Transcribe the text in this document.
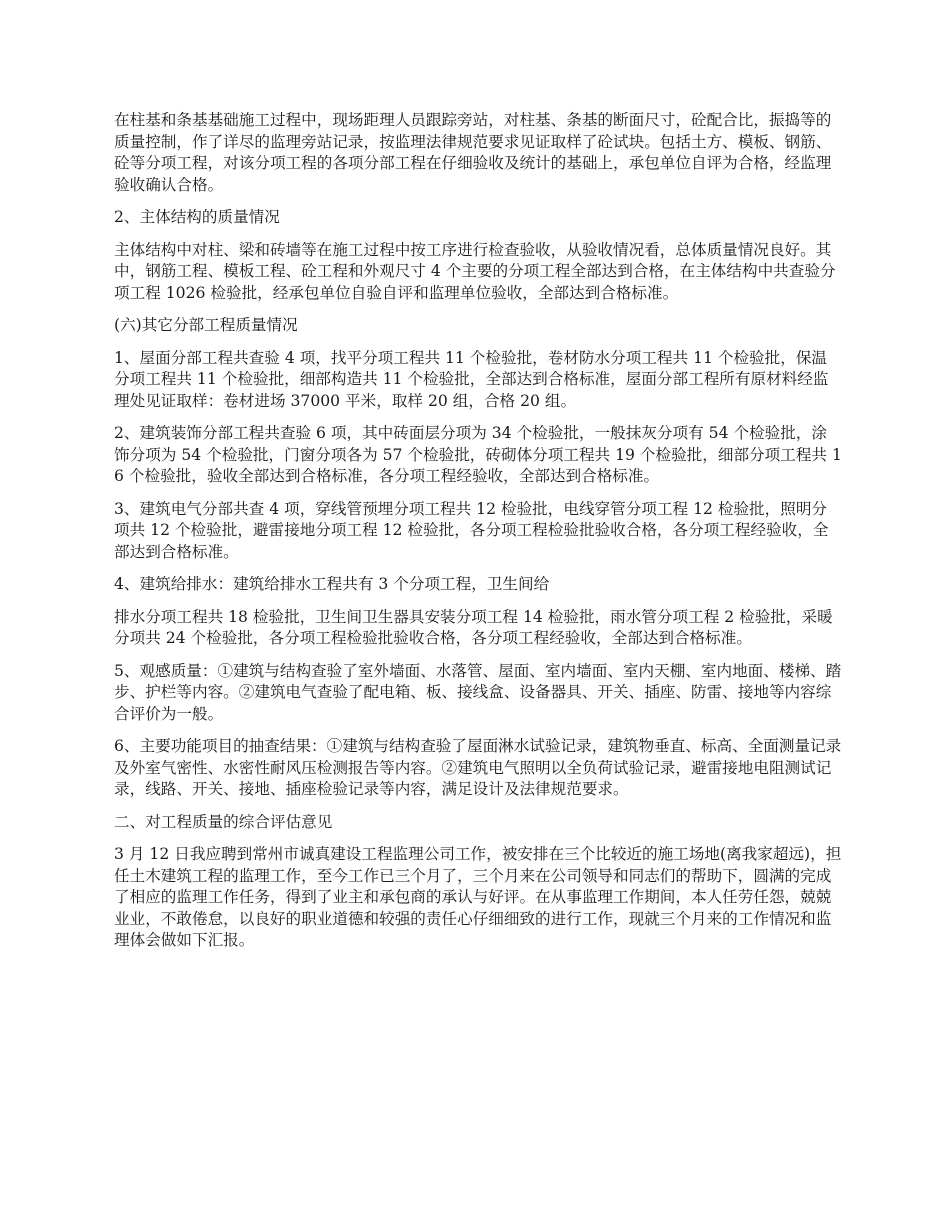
在柱基和条基基础施工过程中，现场距理人员跟踪旁站，对柱基、条基的断面尺寸，砼配合比，振捣等的质量控制，作了详尽的监理旁站记录，按监理法律规范要求见证取样了砼试块。包括土方、模板、钢筋、砼等分项工程，对该分项工程的各项分部工程在仔细验收及统计的基础上，承包单位自评为合格，经监理验收确认合格。

2、主体结构的质量情况

主体结构中对柱、梁和砖墙等在施工过程中按工序进行检查验收，从验收情况看，总体质量情况良好。其中，钢筋工程、模板工程、砼工程和外观尺寸 4 个主要的分项工程全部达到合格，在主体结构中共查验分项工程 1026 检验批，经承包单位自验自评和监理单位验收，全部达到合格标准。

(六)其它分部工程质量情况

1、屋面分部工程共查验 4 项，找平分项工程共 11 个检验批，卷材防水分项工程共 11 个检验批，保温分项工程共 11 个检验批，细部构造共 11 个检验批，全部达到合格标准，屋面分部工程所有原材料经监理处见证取样：卷材进场 37000 平米，取样 20 组，合格 20 组。

2、建筑装饰分部工程共查验 6 项，其中砖面层分项为 34 个检验批，一般抹灰分项有 54 个检验批，涂饰分项为 54 个检验批，门窗分项各为 57 个检验批，砖砌体分项工程共 19 个检验批，细部分项工程共 16 个检验批，验收全部达到合格标准，各分项工程经验收，全部达到合格标准。

3、建筑电气分部共查 4 项，穿线管预埋分项工程共 12 检验批，电线穿管分项工程 12 检验批，照明分项共 12 个检验批，避雷接地分项工程 12 检验批，各分项工程检验批验收合格，各分项工程经验收，全部达到合格标准。

4、建筑给排水：建筑给排水工程共有 3 个分项工程，卫生间给

排水分项工程共 18 检验批，卫生间卫生器具安装分项工程 14 检验批，雨水管分项工程 2 检验批，采暖分项共 24 个检验批，各分项工程检验批验收合格，各分项工程经验收，全部达到合格标准。

5、观感质量：①建筑与结构查验了室外墙面、水落管、屋面、室内墙面、室内天棚、室内地面、楼梯、踏步、护栏等内容。②建筑电气查验了配电箱、板、接线盒、设备器具、开关、插座、防雷、接地等内容综合评价为一般。

6、主要功能项目的抽查结果：①建筑与结构查验了屋面淋水试验记录，建筑物垂直、标高、全面测量记录及外室气密性、水密性耐风压检测报告等内容。②建筑电气照明以全负荷试验记录，避雷接地电阻测试记录，线路、开关、接地、插座检验记录等内容，满足设计及法律规范要求。

二、对工程质量的综合评估意见

3 月 12 日我应聘到常州市诚真建设工程监理公司工作，被安排在三个比较近的施工场地(离我家超远)，担任土木建筑工程的监理工作，至今工作已三个月了，三个月来在公司领导和同志们的帮助下，圆满的完成了相应的监理工作任务，得到了业主和承包商的承认与好评。在从事监理工作期间，本人任劳任怨，兢兢业业，不敢倦怠，以良好的职业道德和较强的责任心仔细细致的进行工作，现就三个月来的工作情况和监理体会做如下汇报。
